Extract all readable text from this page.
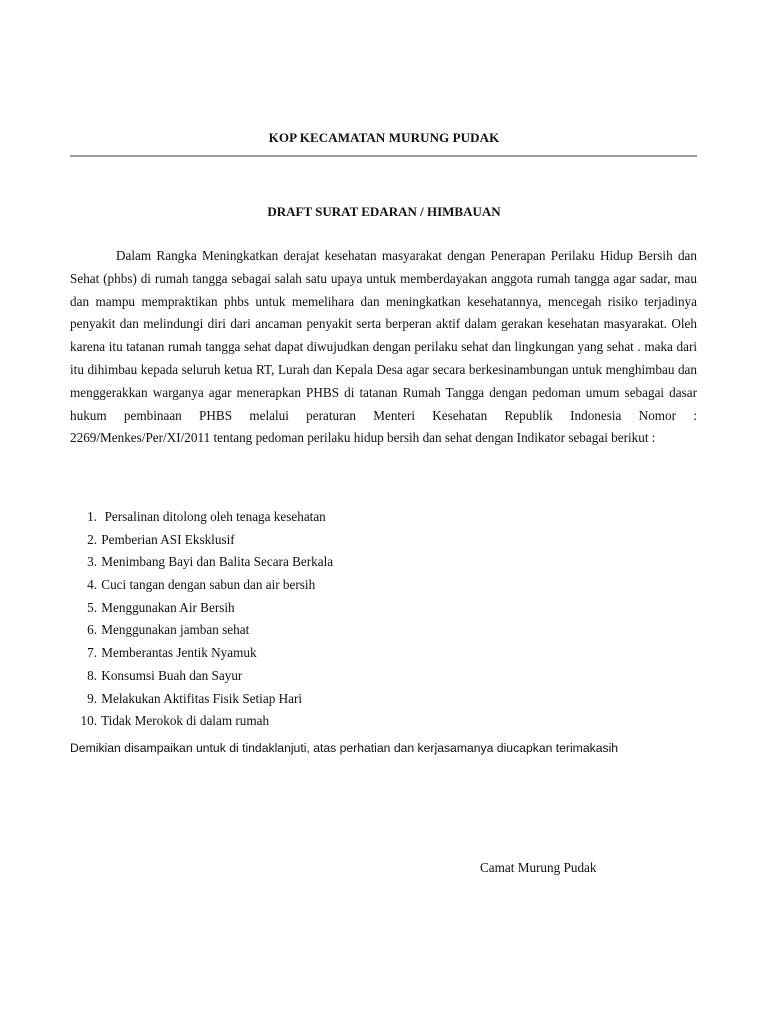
KOP KECAMATAN MURUNG PUDAK
DRAFT SURAT EDARAN / HIMBAUAN

Dalam Rangka Meningkatkan derajat kesehatan masyarakat dengan Penerapan Perilaku Hidup Bersih dan Sehat (phbs) di rumah tangga sebagai salah satu upaya untuk memberdayakan anggota rumah tangga agar sadar, mau dan mampu mempraktikan phbs untuk memelihara dan meningkatkan kesehatannya, mencegah risiko terjadinya penyakit dan melindungi diri dari ancaman penyakit serta berperan aktif dalam gerakan kesehatan masyarakat. Oleh karena itu tatanan rumah tangga sehat dapat diwujudkan dengan perilaku sehat dan lingkungan yang sehat . maka dari itu dihimbau kepada seluruh ketua RT, Lurah dan Kepala Desa agar secara berkesinambungan untuk menghimbau dan menggerakkan warganya agar menerapkan PHBS di tatanan Rumah Tangga dengan pedoman umum sebagai dasar hukum pembinaan PHBS melalui peraturan Menteri Kesehatan Republik Indonesia Nomor : 2269/Menkes/Per/XI/2011 tentang pedoman perilaku hidup bersih dan sehat dengan Indikator sebagai berikut :

1.  Persalinan ditolong oleh tenaga kesehatan
2. Pemberian ASI Eksklusif
3. Menimbang Bayi dan Balita Secara Berkala
4. Cuci tangan dengan sabun dan air bersih
5. Menggunakan Air Bersih
6. Menggunakan jamban sehat
7. Memberantas Jentik Nyamuk
8. Konsumsi Buah dan Sayur
9. Melakukan Aktifitas Fisik Setiap Hari
10. Tidak Merokok di dalam rumah
Demikian disampaikan untuk di tindaklanjuti, atas perhatian dan kerjasamanya diucapkan terimakasih
Camat Murung Pudak
